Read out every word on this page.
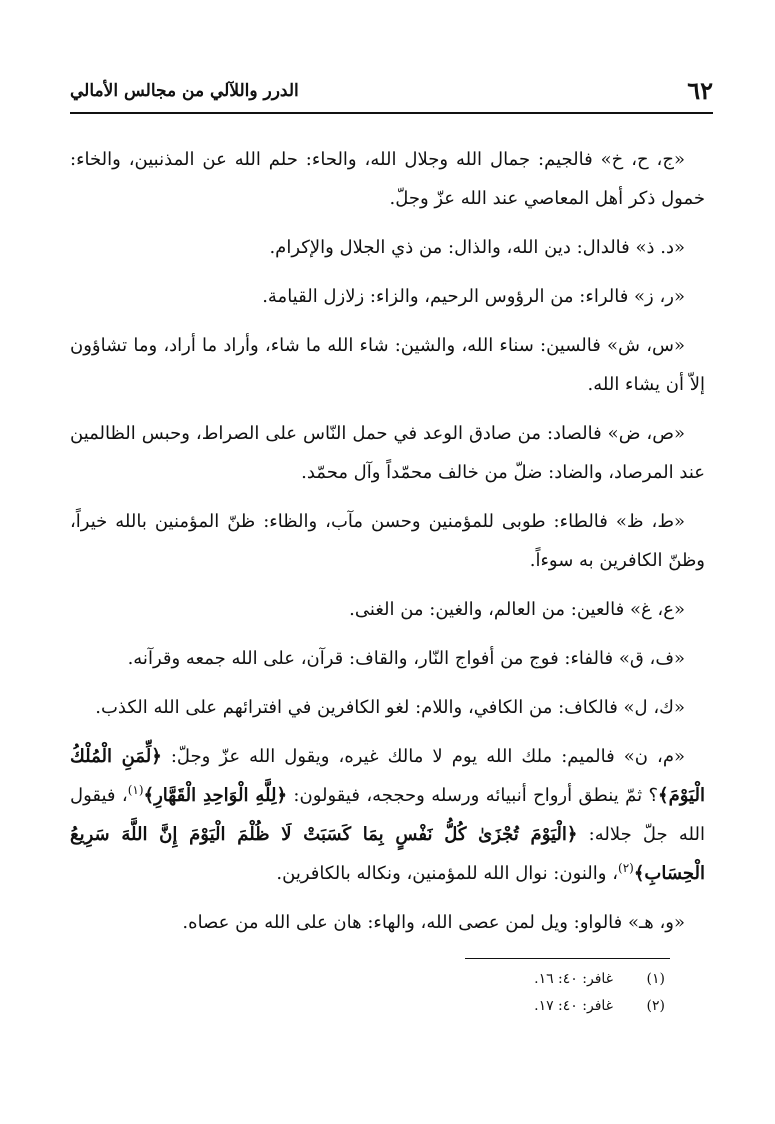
٦٢
الدرر واللآلي من مجالس الأمالي

«ج، ح، خ» فالجيم: جمال الله وجلال الله، والحاء: حلم الله عن المذنبين، والخاء: خمول ذكر أهل المعاصي عند الله عزّ وجلّ.

«د. ذ» فالدال: دين الله، والذال: من ذي الجلال والإكرام.

«ر، ز» فالراء: من الرؤوس الرحيم، والزاء: زلازل القيامة.

«س، ش» فالسين: سناء الله، والشين: شاء الله ما شاء، وأراد ما أراد، وما تشاؤون إلاّ أن يشاء الله.

«ص، ض» فالصاد: من صادق الوعد في حمل النّاس على الصراط، وحبس الظالمين عند المرصاد، والضاد: ضلّ من خالف محمّداً وآل محمّد.

«ط، ظ» فالطاء: طوبى للمؤمنين وحسن مآب، والظاء: ظنّ المؤمنين بالله خيراً، وظنّ الكافرين به سوءاً.

«ع، غ» فالعين: من العالم، والغين: من الغنى.

«ف، ق» فالفاء: فوج من أفواج النّار، والقاف: قرآن، على الله جمعه وقرآنه.

«ك، ل» فالكاف: من الكافي، واللام: لغو الكافرين في افترائهم على الله الكذب.

«م، ن» فالميم: ملك الله يوم لا مالك غيره، ويقول الله عزّ وجلّ: ﴿لِّمَنِ الْمُلْكُ الْيَوْمَ﴾؟ ثمّ ينطق أرواح أنبيائه ورسله وحججه، فيقولون: ﴿لِلَّهِ الْوَاحِدِ الْقَهَّارِ﴾$^{(١)}$، فيقول الله جلّ جلاله: ﴿الْيَوْمَ تُجْزَىٰ كُلُّ نَفْسٍ بِمَا كَسَبَتْ لَا ظُلْمَ الْيَوْمَ إِنَّ اللَّهَ سَرِيعُ الْحِسَابِ﴾$^{(٢)}$، والنون: نوال الله للمؤمنين، ونكاله بالكافرين.

«و، هـ» فالواو: ويل لمن عصى الله، والهاء: هان على الله من عصاه.

(١)
غافر: ٤٠: ١٦.
(٢)
غافر: ٤٠: ١٧.
